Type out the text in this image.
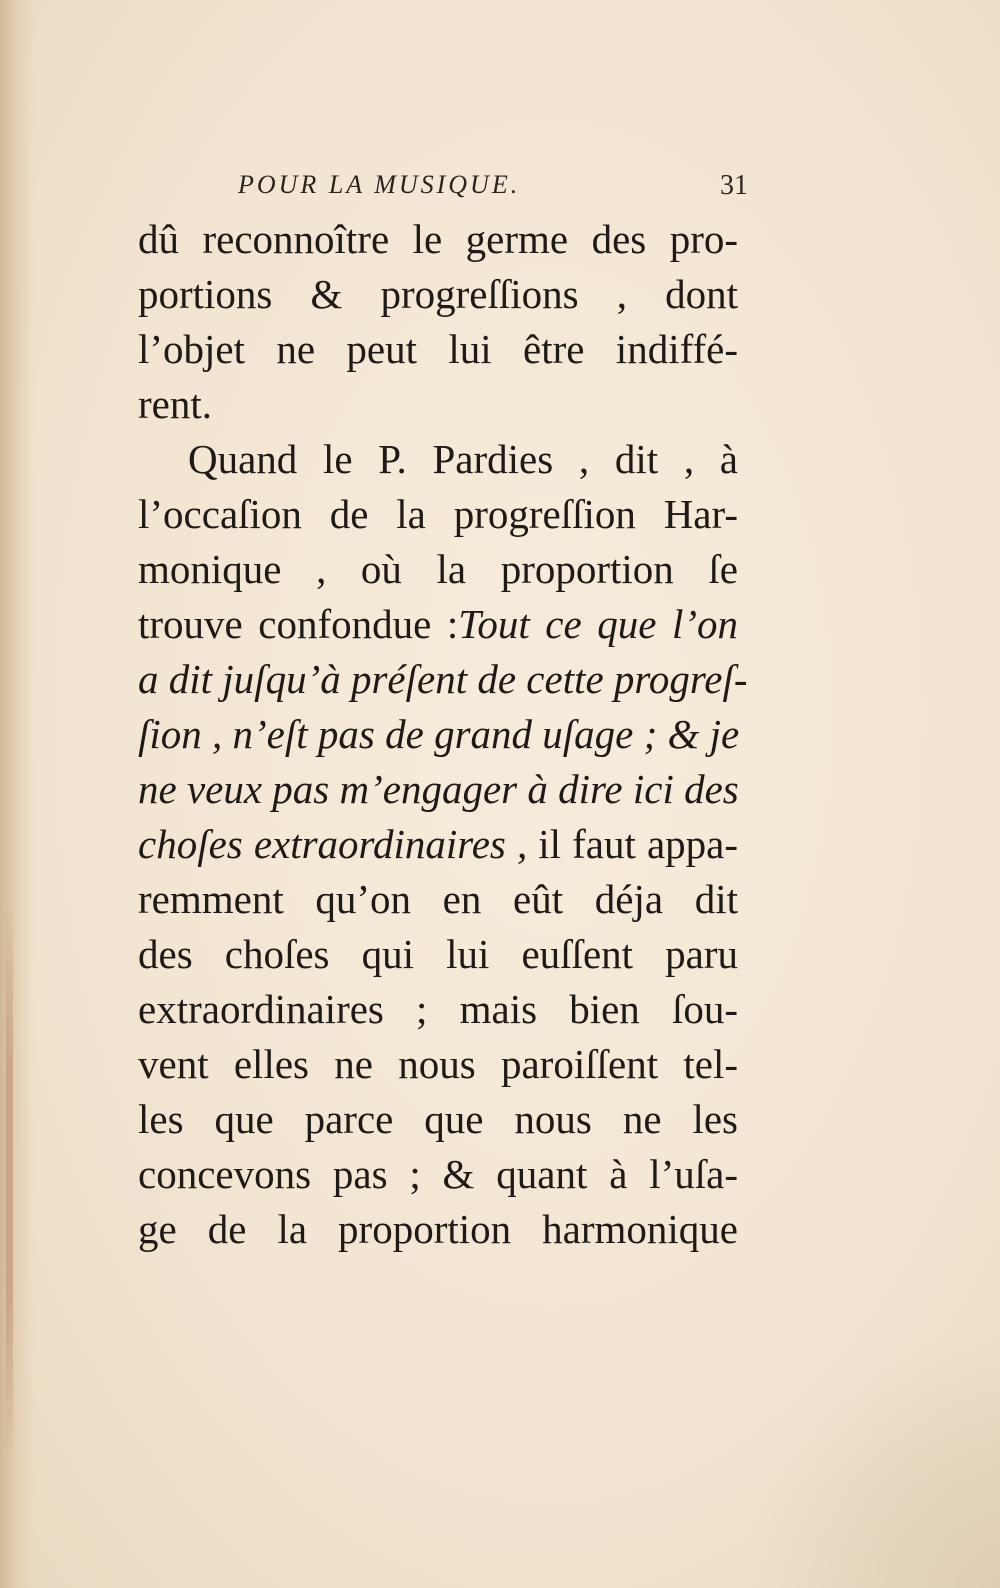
POUR LA MUSIQUE.	31
dû reconnoître le germe des pro-
portions & progreſſions , dont
l’objet ne peut lui être indiffé-
rent.
Quand le P. Pardies , dit , à
l’occaſion de la progreſſion Har-
monique , où la proportion ſe
trouve confondue :Tout ce que l’on
a dit juſqu’à préſent de cette progreſ-
ſion , n’eſt pas de grand uſage ; & je
ne veux pas m’engager à dire ici des
choſes extraordinaires , il faut appa-
remment qu’on en eût déja dit
des choſes qui lui euſſent paru
extraordinaires ; mais bien ſou-
vent elles ne nous paroiſſent tel-
les que parce que nous ne les
concevons pas ; & quant à l’uſa-
ge de la proportion harmonique
